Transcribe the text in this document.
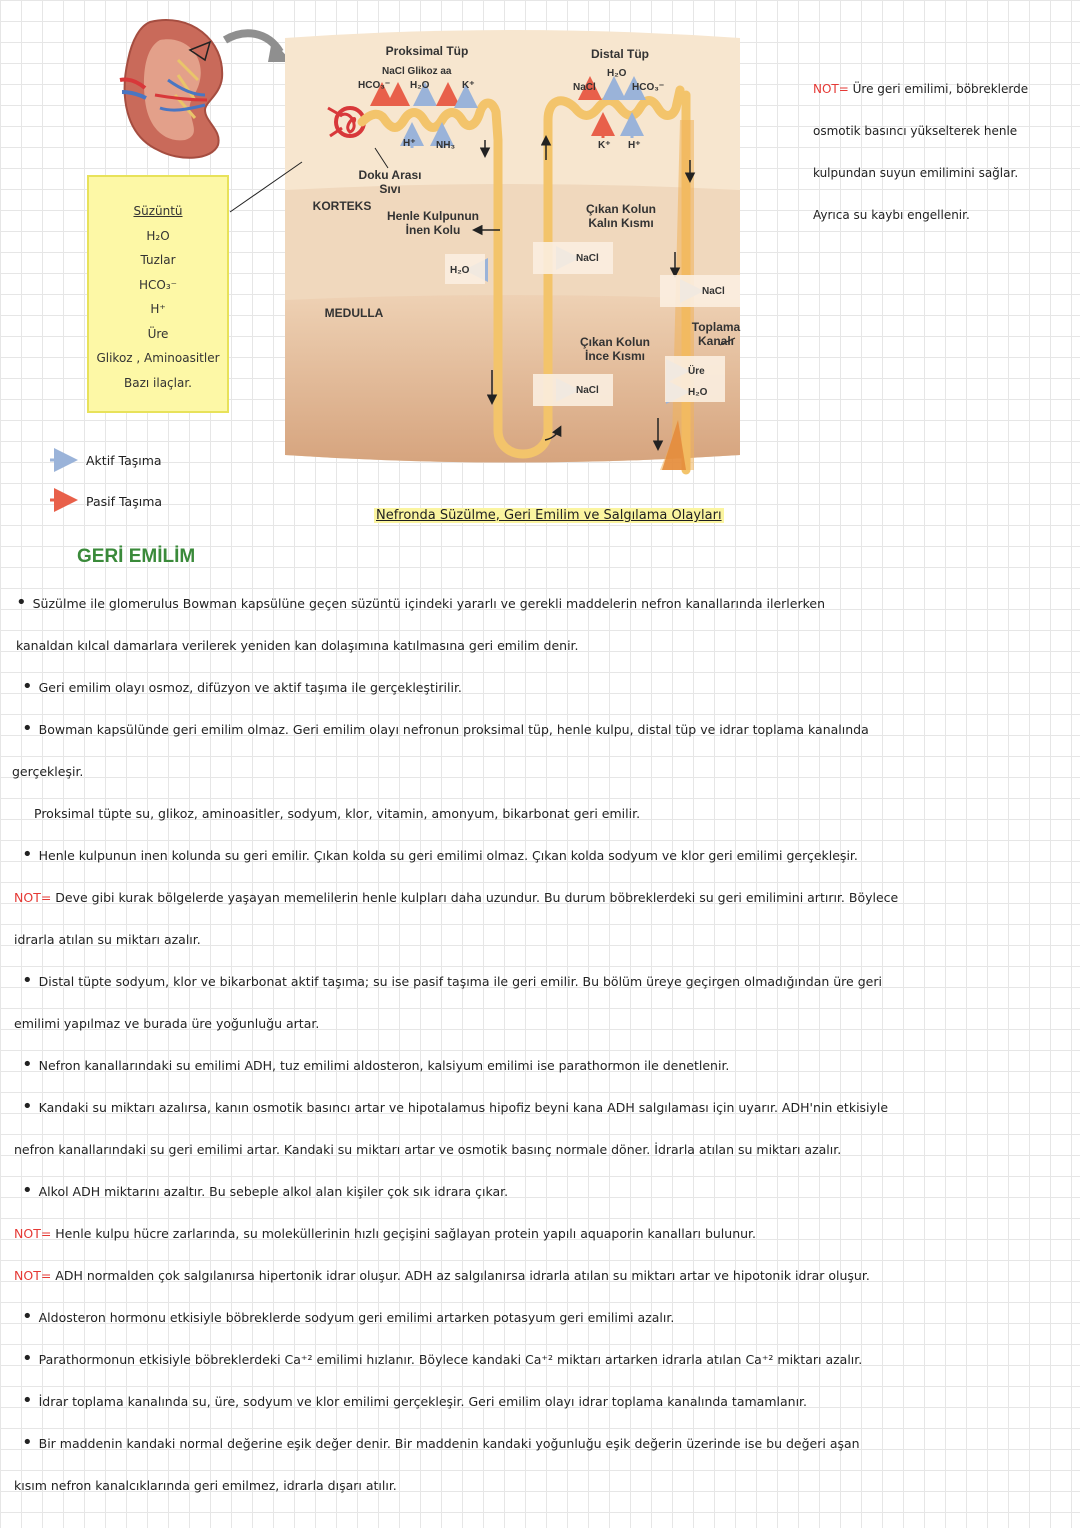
Proksimal Tüp
NaCl Glikoz aa
HCO₃⁻ H₂O	K⁺
H⁺ NH₃
Distal Tüp
H₂O
NaCl	HCO₃⁻
K⁺ H⁺
Doku Arası
Sıvı
KORTEKS
MEDULLA
Henle Kulpunun
İnen Kolu
Çıkan Kolun
Kalın Kısmı
Çıkan Kolun
İnce Kısmı
Toplama
Kanalı
H₂O
NaCl
NaCl
NaCl
Üre
H₂O
Nefronda Süzülme, Geri Emilim ve Salgılama Olayları
Süzüntü
H₂O
Tuzlar
HCO₃⁻
H⁺
Üre
Glikoz , Aminoasitler
Bazı ilaçlar.
Aktif Taşıma
Pasif Taşıma
NOT= Üre geri emilimi, böbreklerde
osmotik basıncı yükselterek henle
kulpundan suyun emilimini sağlar.
Ayrıca su kaybı engellenir.
GERİ EMİLİM
• Süzülme ile glomerulus Bowman kapsülüne geçen süzüntü içindeki yararlı ve gerekli maddelerin nefron kanallarında ilerlerken
kanaldan kılcal damarlara verilerek yeniden kan dolaşımına katılmasına geri emilim denir.
• Geri emilim olayı osmoz, difüzyon ve aktif taşıma ile gerçekleştirilir.
• Bowman kapsülünde geri emilim olmaz. Geri emilim olayı nefronun proksimal tüp, henle kulpu, distal tüp ve idrar toplama kanalında
gerçekleşir.
Proksimal tüpte su, glikoz, aminoasitler, sodyum, klor, vitamin, amonyum, bikarbonat geri emilir.
• Henle kulpunun inen kolunda su geri emilir. Çıkan kolda su geri emilimi olmaz. Çıkan kolda sodyum ve klor geri emilimi gerçekleşir.
NOT= Deve gibi kurak bölgelerde yaşayan memelilerin henle kulpları daha uzundur. Bu durum böbreklerdeki su geri emilimini artırır. Böylece
idrarla atılan su miktarı azalır.
• Distal tüpte sodyum, klor ve bikarbonat aktif taşıma; su ise pasif taşıma ile geri emilir. Bu bölüm üreye geçirgen olmadığından üre geri
emilimi yapılmaz ve burada üre yoğunluğu artar.
• Nefron kanallarındaki su emilimi ADH, tuz emilimi aldosteron, kalsiyum emilimi ise parathormon ile denetlenir.
• Kandaki su miktarı azalırsa, kanın osmotik basıncı artar ve hipotalamus hipofiz beyni kana ADH salgılaması için uyarır. ADH'nin etkisiyle
nefron kanallarındaki su geri emilimi artar. Kandaki su miktarı artar ve osmotik basınç normale döner. İdrarla atılan su miktarı azalır.
• Alkol ADH miktarını azaltır. Bu sebeple alkol alan kişiler çok sık idrara çıkar.
NOT= Henle kulpu hücre zarlarında, su moleküllerinin hızlı geçişini sağlayan protein yapılı aquaporin kanalları bulunur.
NOT= ADH normalden çok salgılanırsa hipertonik idrar oluşur. ADH az salgılanırsa idrarla atılan su miktarı artar ve hipotonik idrar oluşur.
• Aldosteron hormonu etkisiyle böbreklerde sodyum geri emilimi artarken potasyum geri emilimi azalır.
• Parathormonun etkisiyle böbreklerdeki Ca⁺² emilimi hızlanır. Böylece kandaki Ca⁺² miktarı artarken idrarla atılan Ca⁺² miktarı azalır.
• İdrar toplama kanalında su, üre, sodyum ve klor emilimi gerçekleşir. Geri emilim olayı idrar toplama kanalında tamamlanır.
• Bir maddenin kandaki normal değerine eşik değer denir. Bir maddenin kandaki yoğunluğu eşik değerin üzerinde ise bu değeri aşan
kısım nefron kanalcıklarında geri emilmez, idrarla dışarı atılır.
